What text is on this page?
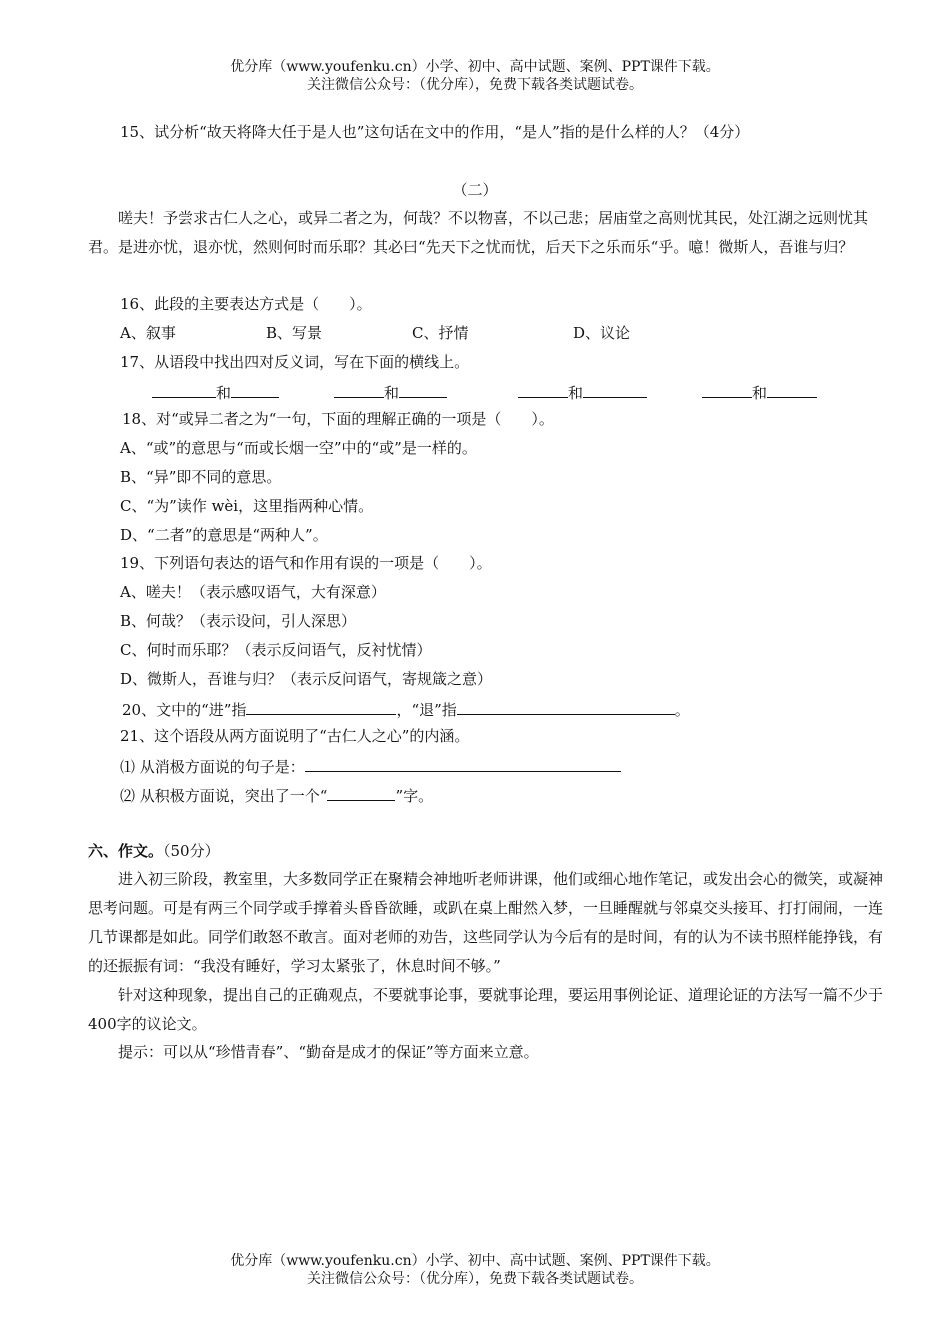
优分库（www.youfenku.cn）小学、初中、高中试题、案例、PPT课件下载。
关注微信公众号：（优分库），免费下载各类试题试卷。
15、试分析“故天将降大任于是人也”这句话在文中的作用，“是人”指的是什么样的人？（4分）
（二）
嗟夫！予尝求古仁人之心，或异二者之为，何哉？不以物喜，不以己悲；居庙堂之高则忧其民，处江湖之远则忧其君。是进亦忧，退亦忧，然则何时而乐耶？其必曰“先天下之忧而忧，后天下之乐而乐“乎。噫！微斯人，吾谁与归？
16、此段的主要表达方式是（　　）。
A、叙事	B、写景	C、抒情	D、议论
17、从语段中找出四对反义词，写在下面的横线上。
和	和	和	和
18、对“或异二者之为“一句，下面的理解正确的一项是（　　）。
A、“或”的意思与“而或长烟一空”中的“或”是一样的。
B、“异”即不同的意思。
C、“为”读作 wèi，这里指两种心情。
D、“二者”的意思是“两种人”。
19、下列语句表达的语气和作用有误的一项是（　　）。
A、嗟夫！（表示感叹语气，大有深意）
B、何哉？（表示设问，引人深思）
C、何时而乐耶？（表示反问语气，反衬忧情）
D、微斯人，吾谁与归？（表示反问语气，寄规箴之意）
20、文中的“进”指	，“退”指	。
21、这个语段从两方面说明了“古仁人之心”的内涵。
⑴ 从消极方面说的句子是：
⑵ 从积极方面说，突出了一个“	”字。
六、作文。（50分）
进入初三阶段，教室里，大多数同学正在聚精会神地听老师讲课，他们或细心地作笔记，或发出会心的微笑，或凝神思考问题。可是有两三个同学或手撑着头昏昏欲睡，或趴在桌上酣然入梦，一旦睡醒就与邻桌交头接耳、打打闹闹，一连几节课都是如此。同学们敢怒不敢言。面对老师的劝告，这些同学认为今后有的是时间，有的认为不读书照样能挣钱，有的还振振有词：“我没有睡好，学习太紧张了，休息时间不够。”
针对这种现象，提出自己的正确观点，不要就事论事，要就事论理，要运用事例论证、道理论证的方法写一篇不少于400字的议论文。
提示：可以从“珍惜青春”、“勤奋是成才的保证”等方面来立意。
优分库（www.youfenku.cn）小学、初中、高中试题、案例、PPT课件下载。
关注微信公众号：（优分库），免费下载各类试题试卷。
